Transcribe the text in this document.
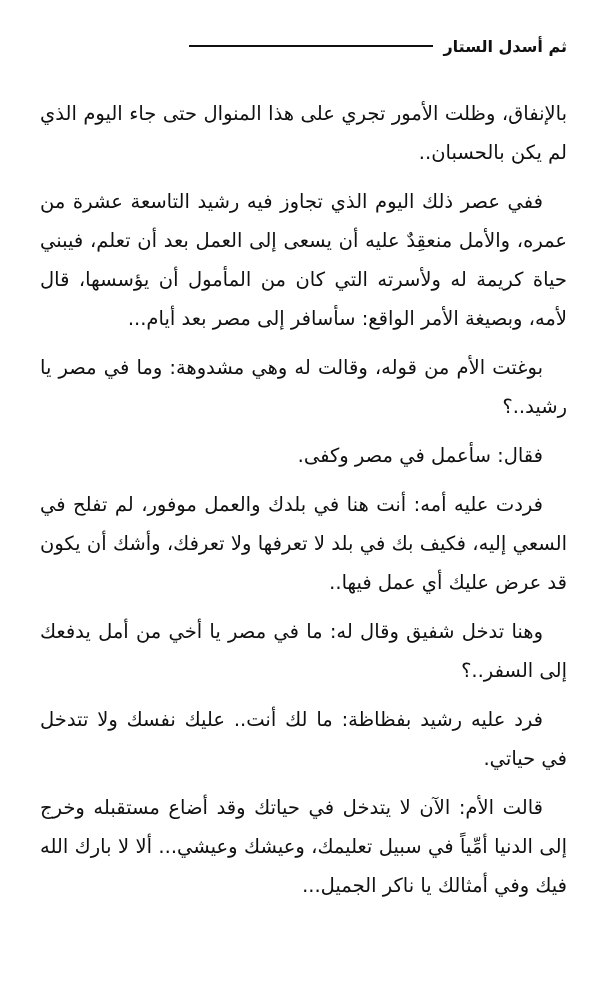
ثم أسدل الستار

بالإنفاق، وظلت الأمور تجري على هذا المنوال حتى جاء اليوم الذي لم يكن بالحسبان..

ففي عصر ذلك اليوم الذي تجاوز فيه رشيد التاسعة عشرة من عمره، والأمل منعقِدٌ عليه أن يسعى إلى العمل بعد أن تعلم، فيبني حياة كريمة له ولأسرته التي كان من المأمول أن يؤسسها، قال لأمه، وبصيغة الأمر الواقع: سأسافر إلى مصر بعد أيام...

بوغتت الأم من قوله، وقالت له وهي مشدوهة: وما في مصر يا رشيد..؟

فقال: سأعمل في مصر وكفى.

فردت عليه أمه: أنت هنا في بلدك والعمل موفور، لم تفلح في السعي إليه، فكيف بك في بلد لا تعرفها ولا تعرفك، وأشك أن يكون قد عرض عليك أي عمل فيها..

وهنا تدخل شفيق وقال له: ما في مصر يا أخي من أمل يدفعك إلى السفر..؟

فرد عليه رشيد بفظاظة: ما لك أنت.. عليك نفسك ولا تتدخل في حياتي.

قالت الأم: الآن لا يتدخل في حياتك وقد أضاع مستقبله وخرج إلى الدنيا أمِّياً في سبيل تعليمك، وعيشك وعيشي... ألا لا بارك الله فيك وفي أمثالك يا ناكر الجميل...
